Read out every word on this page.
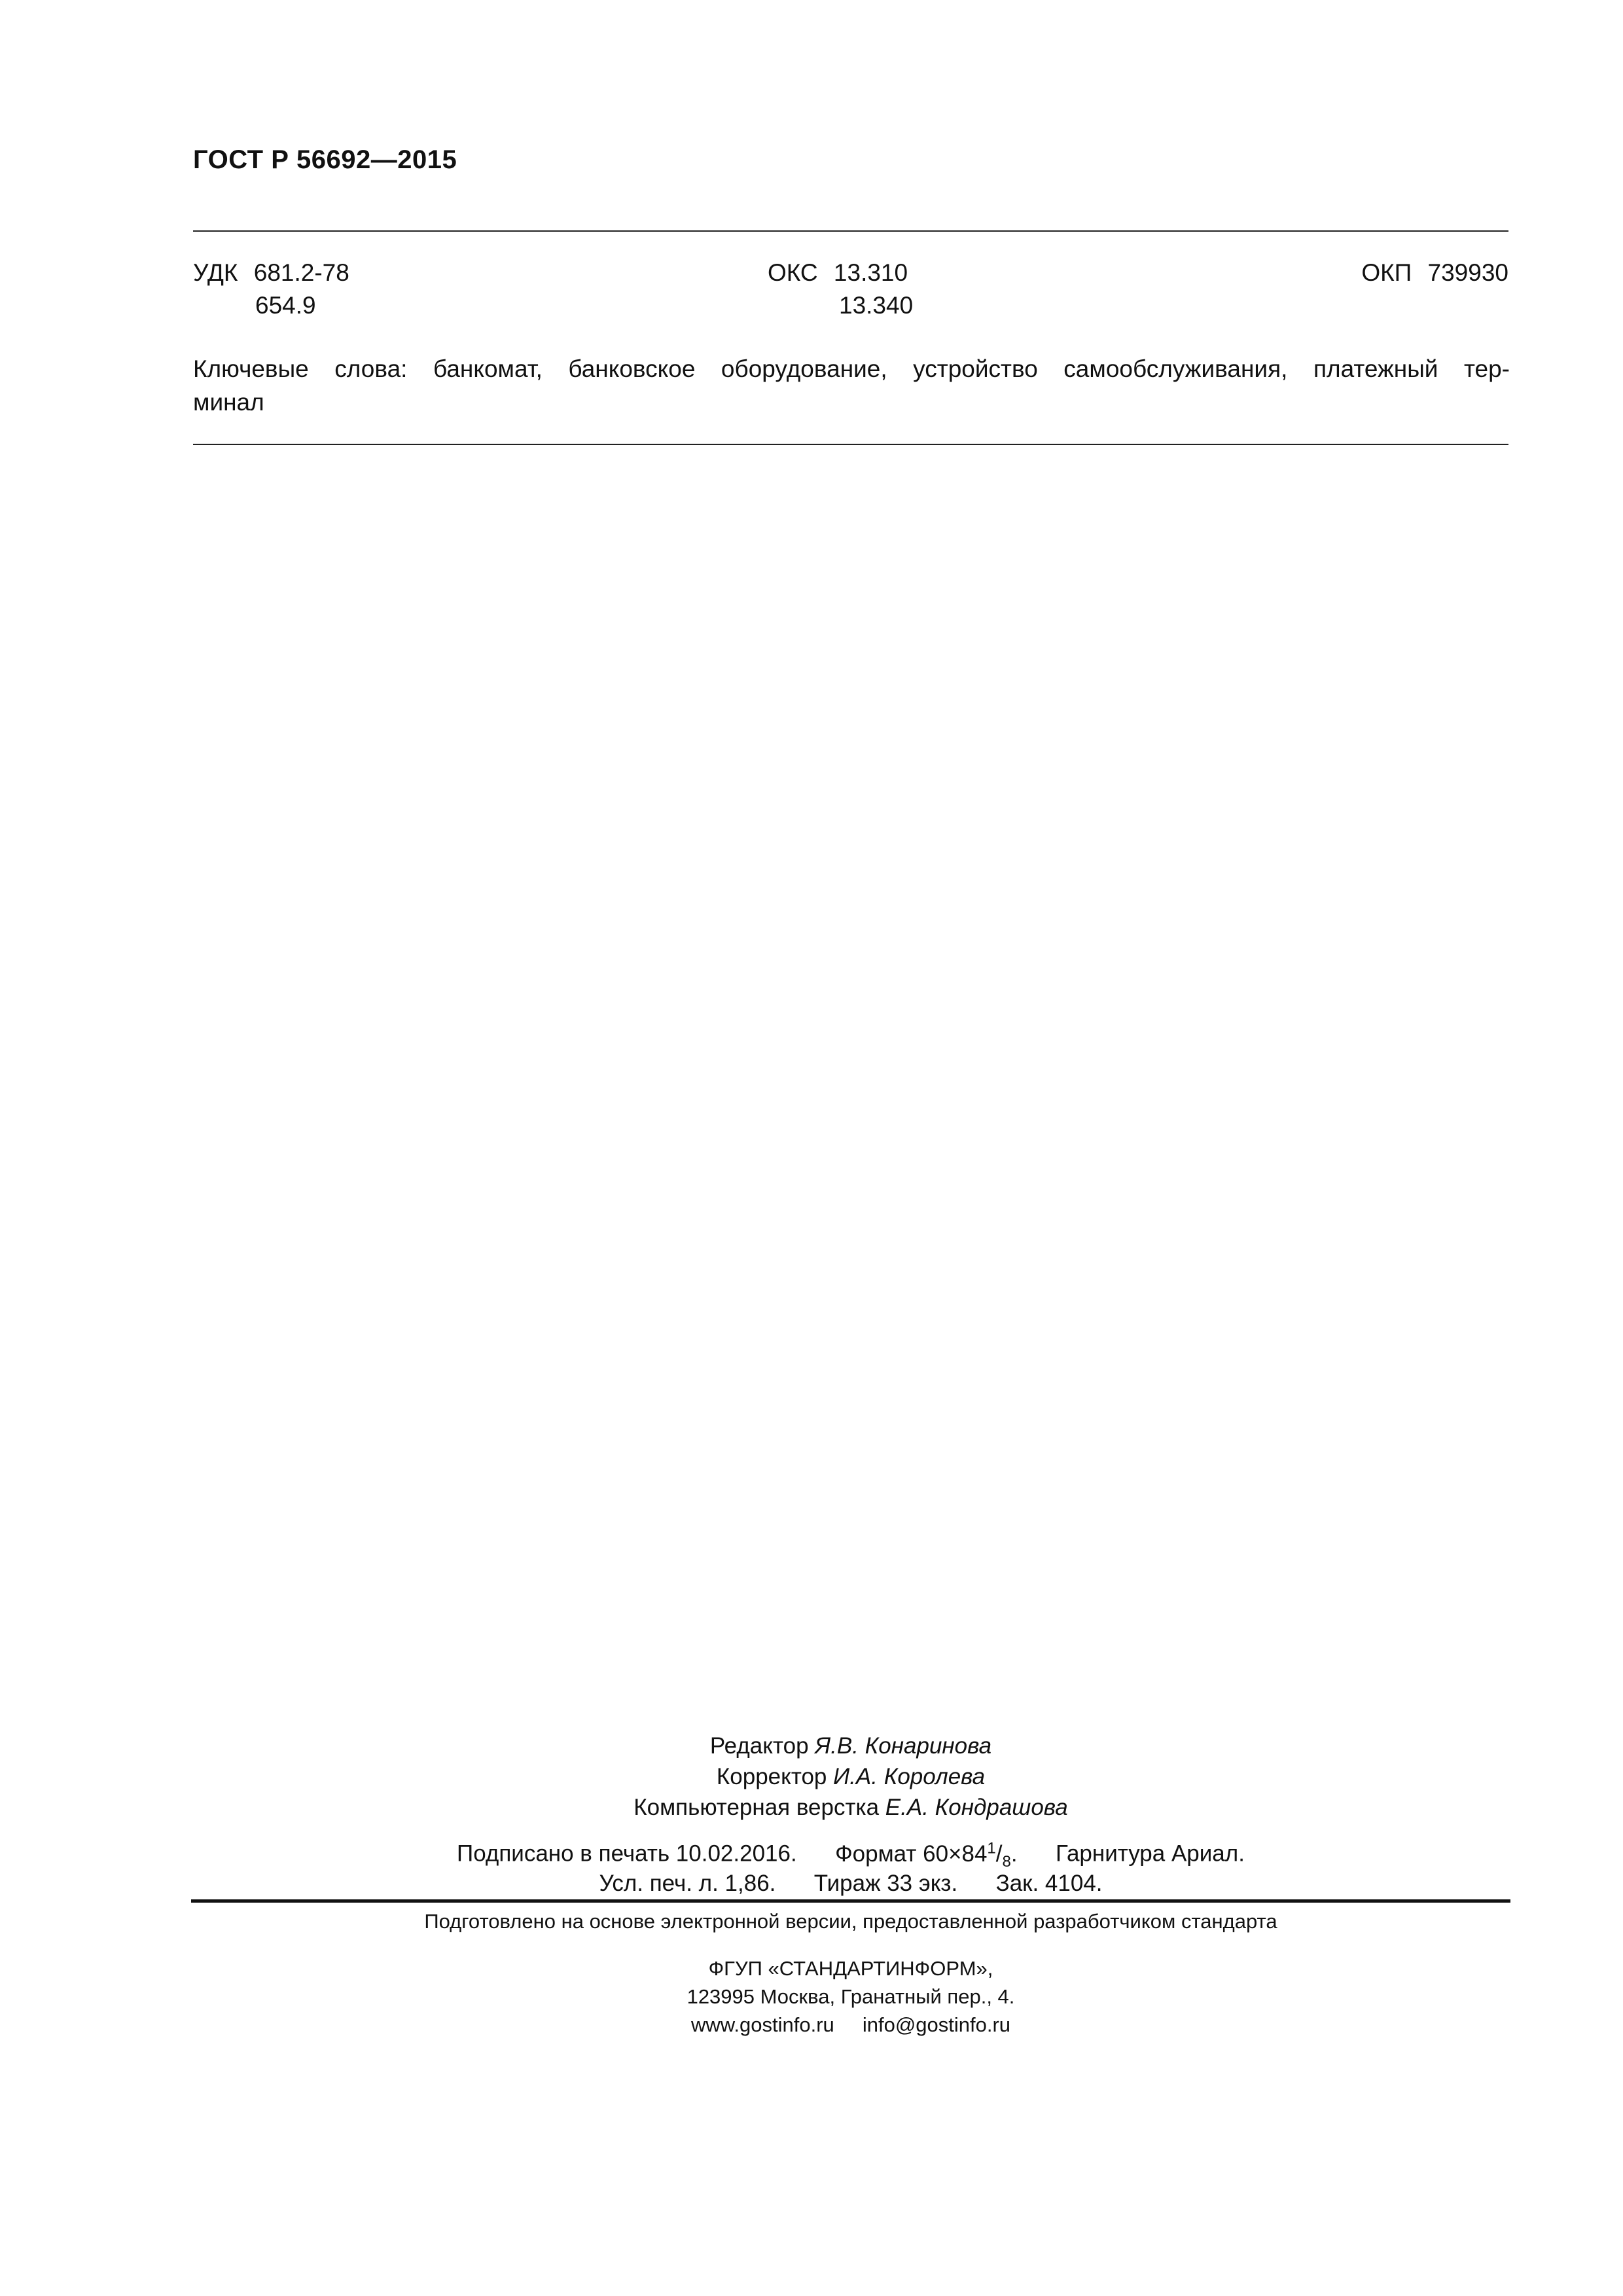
ГОСТ Р 56692—2015
УДК 681.2-78
654.9
ОКС 13.310
13.340
ОКП 739930
Ключевые слова: банкомат, банковское оборудование, устройство самообслуживания, платежный тер-
минал
Редактор Я.В. Конаринова
Корректор И.А. Королева
Компьютерная верстка Е.А. Кондрашова
Подписано в печать 10.02.2016. Формат $60\times 84^1/_8$. Гарнитура Ариал.
Усл. печ. л. 1,86. Тираж 33 экз. Зак. 4104.
Подготовлено на основе электронной версии, предоставленной разработчиком стандарта
ФГУП «СТАНДАРТИНФОРМ»,
123995 Москва, Гранатный пер., 4.
www.gostinfo.ru info@gostinfo.ru
